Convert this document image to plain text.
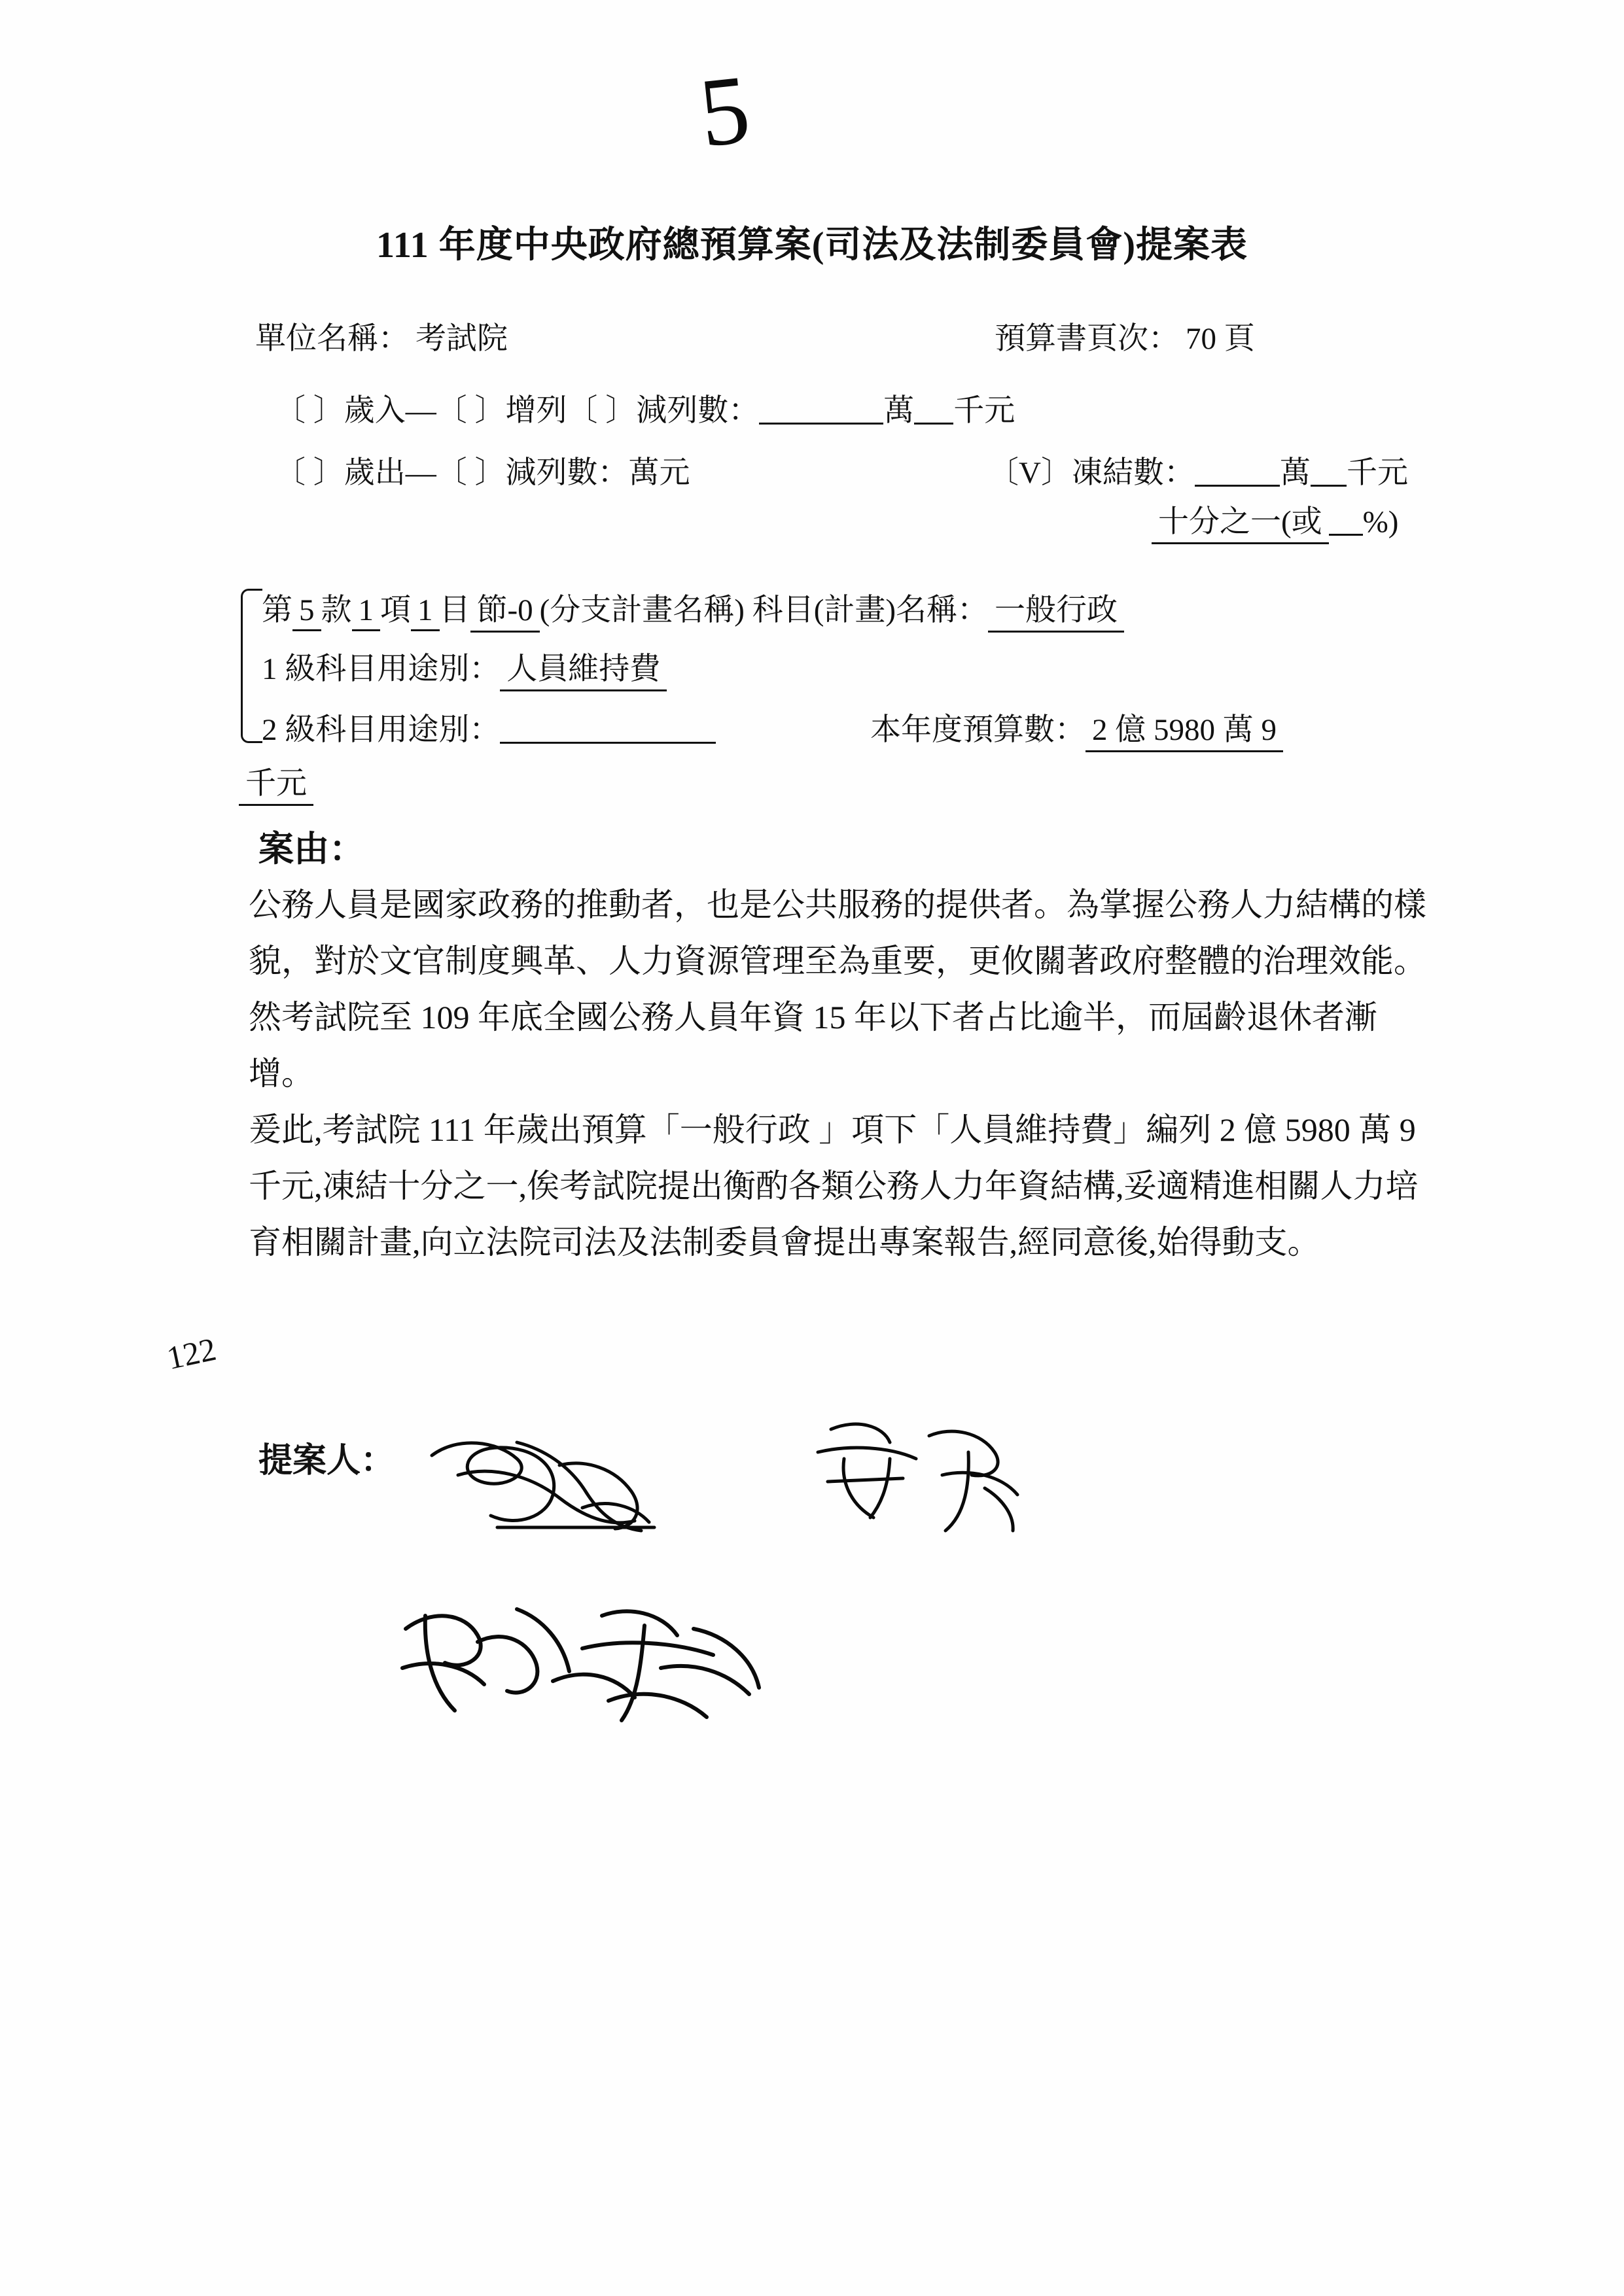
5
111 年度中央政府總預算案(司法及法制委員會)提案表
單位名稱： 考試院	預算書頁次： 70 頁
〔 〕歲入—〔 〕增列〔 〕減列數：	萬 千元
〔 〕歲出—〔 〕減列數：萬元	〔V〕凍結數：	萬 千元
十分之一(或 %)
第 5 款 1 項 1 目 節-0 (分支計畫名稱) 科目(計畫)名稱： 一般行政
1 級科目用途別： 人員維持費
2 級科目用途別：	本年度預算數： 2 億 5980 萬 9
千元
案由：

公務人員是國家政務的推動者，也是公共服務的提供者。為掌握公務人力結構的樣貌，對於文官制度興革、人力資源管理至為重要，更攸關著政府整體的治理效能。

然考試院至 109 年底全國公務人員年資 15 年以下者占比逾半，而屆齡退休者漸增。

爰此,考試院 111 年歲出預算「一般行政 」項下「人員維持費」編列 2 億 5980 萬 9 千元,凍結十分之一,俟考試院提出衡酌各類公務人力年資結構,妥適精進相關人力培育相關計畫,向立法院司法及法制委員會提出專案報告,經同意後,始得動支。

122
提案人：
